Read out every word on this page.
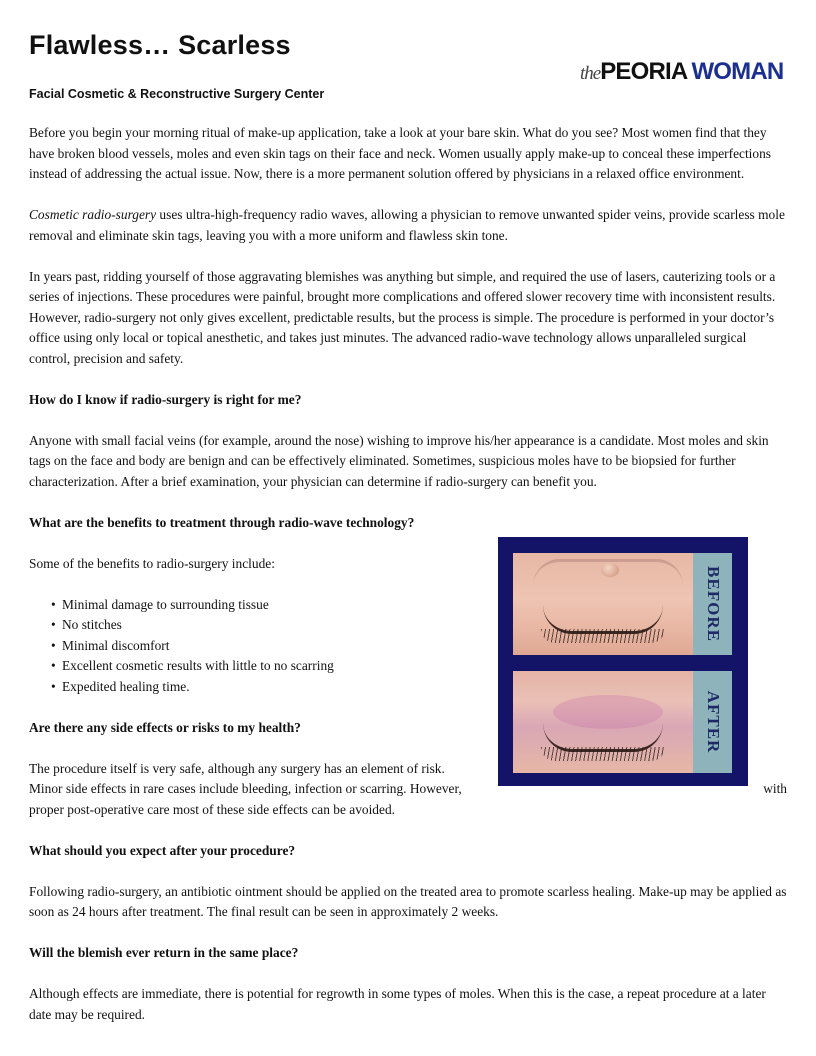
Flawless… Scarless
thePEORIA WOMAN
Facial Cosmetic & Reconstructive Surgery Center

Before you begin your morning ritual of make-up application, take a look at your bare skin. What do you see? Most women find that they have broken blood vessels, moles and even skin tags on their face and neck. Women usually apply make-up to conceal these imperfections instead of addressing the actual issue. Now, there is a more permanent solution offered by physicians in a relaxed office environment.

Cosmetic radio-surgery uses ultra-high-frequency radio waves, allowing a physician to remove unwanted spider veins, provide scarless mole removal and eliminate skin tags, leaving you with a more uniform and flawless skin tone.

In years past, ridding yourself of those aggravating blemishes was anything but simple, and required the use of lasers, cauterizing tools or a series of injections. These procedures were painful, brought more complications and offered slower recovery time with inconsistent results. However, radio-surgery not only gives excellent, predictable results, but the process is simple. The procedure is performed in your doctor’s office using only local or topical anesthetic, and takes just minutes. The advanced radio-wave technology allows unparalleled surgical control, precision and safety.

How do I know if radio-surgery is right for me?

Anyone with small facial veins (for example, around the nose) wishing to improve his/her appearance is a candidate. Most moles and skin tags on the face and body are benign and can be effectively eliminated. Sometimes, suspicious moles have to be biopsied for further characterization. After a brief examination, your physician can determine if radio-surgery can benefit you.

What are the benefits to treatment through radio-wave technology?

Some of the benefits to radio-surgery include:

• Minimal damage to surrounding tissue
• No stitches
• Minimal discomfort
• Excellent cosmetic results with little to no scarring
• Expedited healing time.
Are there any side effects or risks to my health?

The procedure itself is very safe, although any surgery has an element of risk.

Minor side effects in rare cases include bleeding, infection or scarring. However,	with
proper post-operative care most of these side effects can be avoided.

What should you expect after your procedure?

Following radio-surgery, an antibiotic ointment should be applied on the treated area to promote scarless healing. Make-up may be applied as soon as 24 hours after treatment. The final result can be seen in approximately 2 weeks.

Will the blemish ever return in the same place?

Although effects are immediate, there is potential for regrowth in some types of moles. When this is the case, a repeat procedure at a later date may be required.

BEFORE
AFTER
